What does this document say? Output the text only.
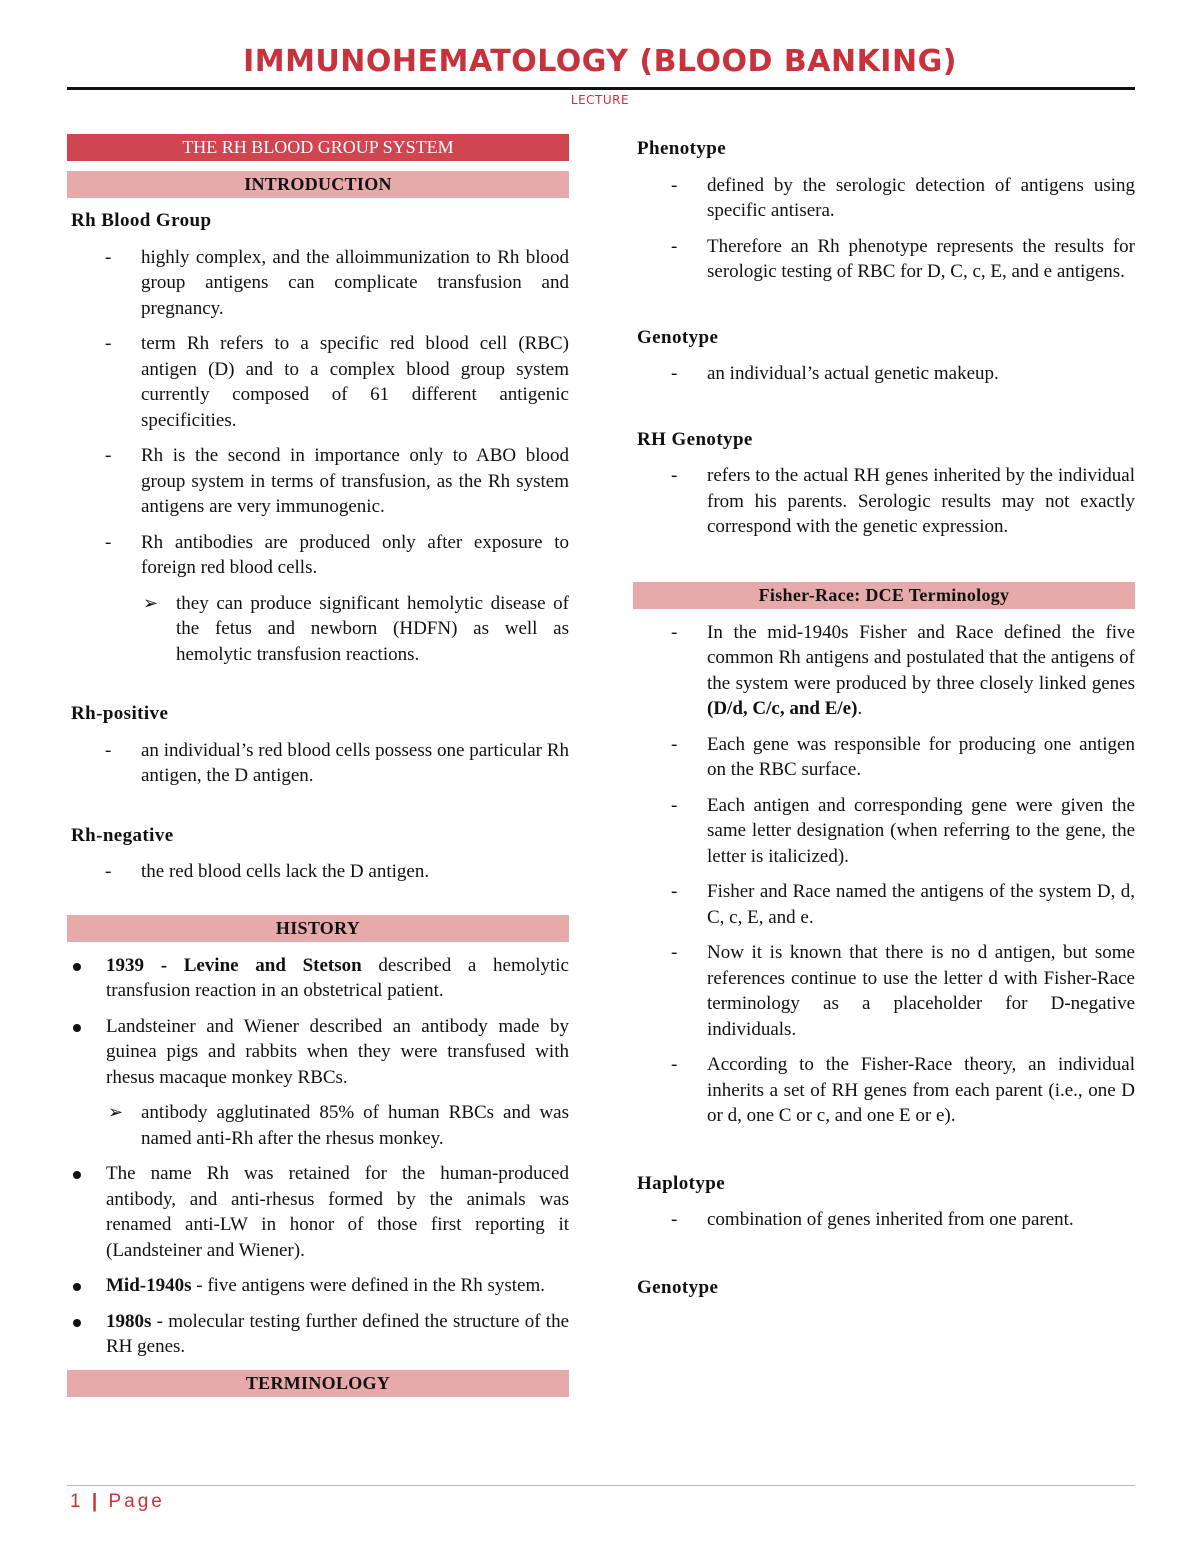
IMMUNOHEMATOLOGY (BLOOD BANKING)
LECTURE
THE RH BLOOD GROUP SYSTEM
INTRODUCTION
Rh Blood Group
- highly complex, and the alloimmunization to Rh blood group antigens can complicate transfusion and pregnancy.
- term Rh refers to a specific red blood cell (RBC) antigen (D) and to a complex blood group system currently composed of 61 different antigenic specificities.
- Rh is the second in importance only to ABO blood group system in terms of transfusion, as the Rh system antigens are very immunogenic.
- Rh antibodies are produced only after exposure to foreign red blood cells.
➢ they can produce significant hemolytic disease of the fetus and newborn (HDFN) as well as hemolytic transfusion reactions.
Rh-positive
- an individual’s red blood cells possess one particular Rh antigen, the D antigen.
Rh-negative
- the red blood cells lack the D antigen.
HISTORY
1939 - Levine and Stetson described a hemolytic transfusion reaction in an obstetrical patient.
Landsteiner and Wiener described an antibody made by guinea pigs and rabbits when they were transfused with rhesus macaque monkey RBCs.
➢ antibody agglutinated 85% of human RBCs and was named anti-Rh after the rhesus monkey.
The name Rh was retained for the human-produced antibody, and anti-rhesus formed by the animals was renamed anti-LW in honor of those first reporting it (Landsteiner and Wiener).
Mid-1940s - five antigens were defined in the Rh system.
1980s - molecular testing further defined the structure of the RH genes.
TERMINOLOGY
Phenotype
- defined by the serologic detection of antigens using specific antisera.
- Therefore an Rh phenotype represents the results for serologic testing of RBC for D, C, c, E, and e antigens.
Genotype
- an individual’s actual genetic makeup.
RH Genotype
- refers to the actual RH genes inherited by the individual from his parents. Serologic results may not exactly correspond with the genetic expression.
Fisher-Race: DCE Terminology
- In the mid-1940s Fisher and Race defined the five common Rh antigens and postulated that the antigens of the system were produced by three closely linked genes (D/d, C/c, and E/e).
- Each gene was responsible for producing one antigen on the RBC surface.
- Each antigen and corresponding gene were given the same letter designation (when referring to the gene, the letter is italicized).
- Fisher and Race named the antigens of the system D, d, C, c, E, and e.
- Now it is known that there is no d antigen, but some references continue to use the letter d with Fisher-Race terminology as a placeholder for D-negative individuals.
- According to the Fisher-Race theory, an individual inherits a set of RH genes from each parent (i.e., one D or d, one C or c, and one E or e).
Haplotype
- combination of genes inherited from one parent.
Genotype
1 | Page
